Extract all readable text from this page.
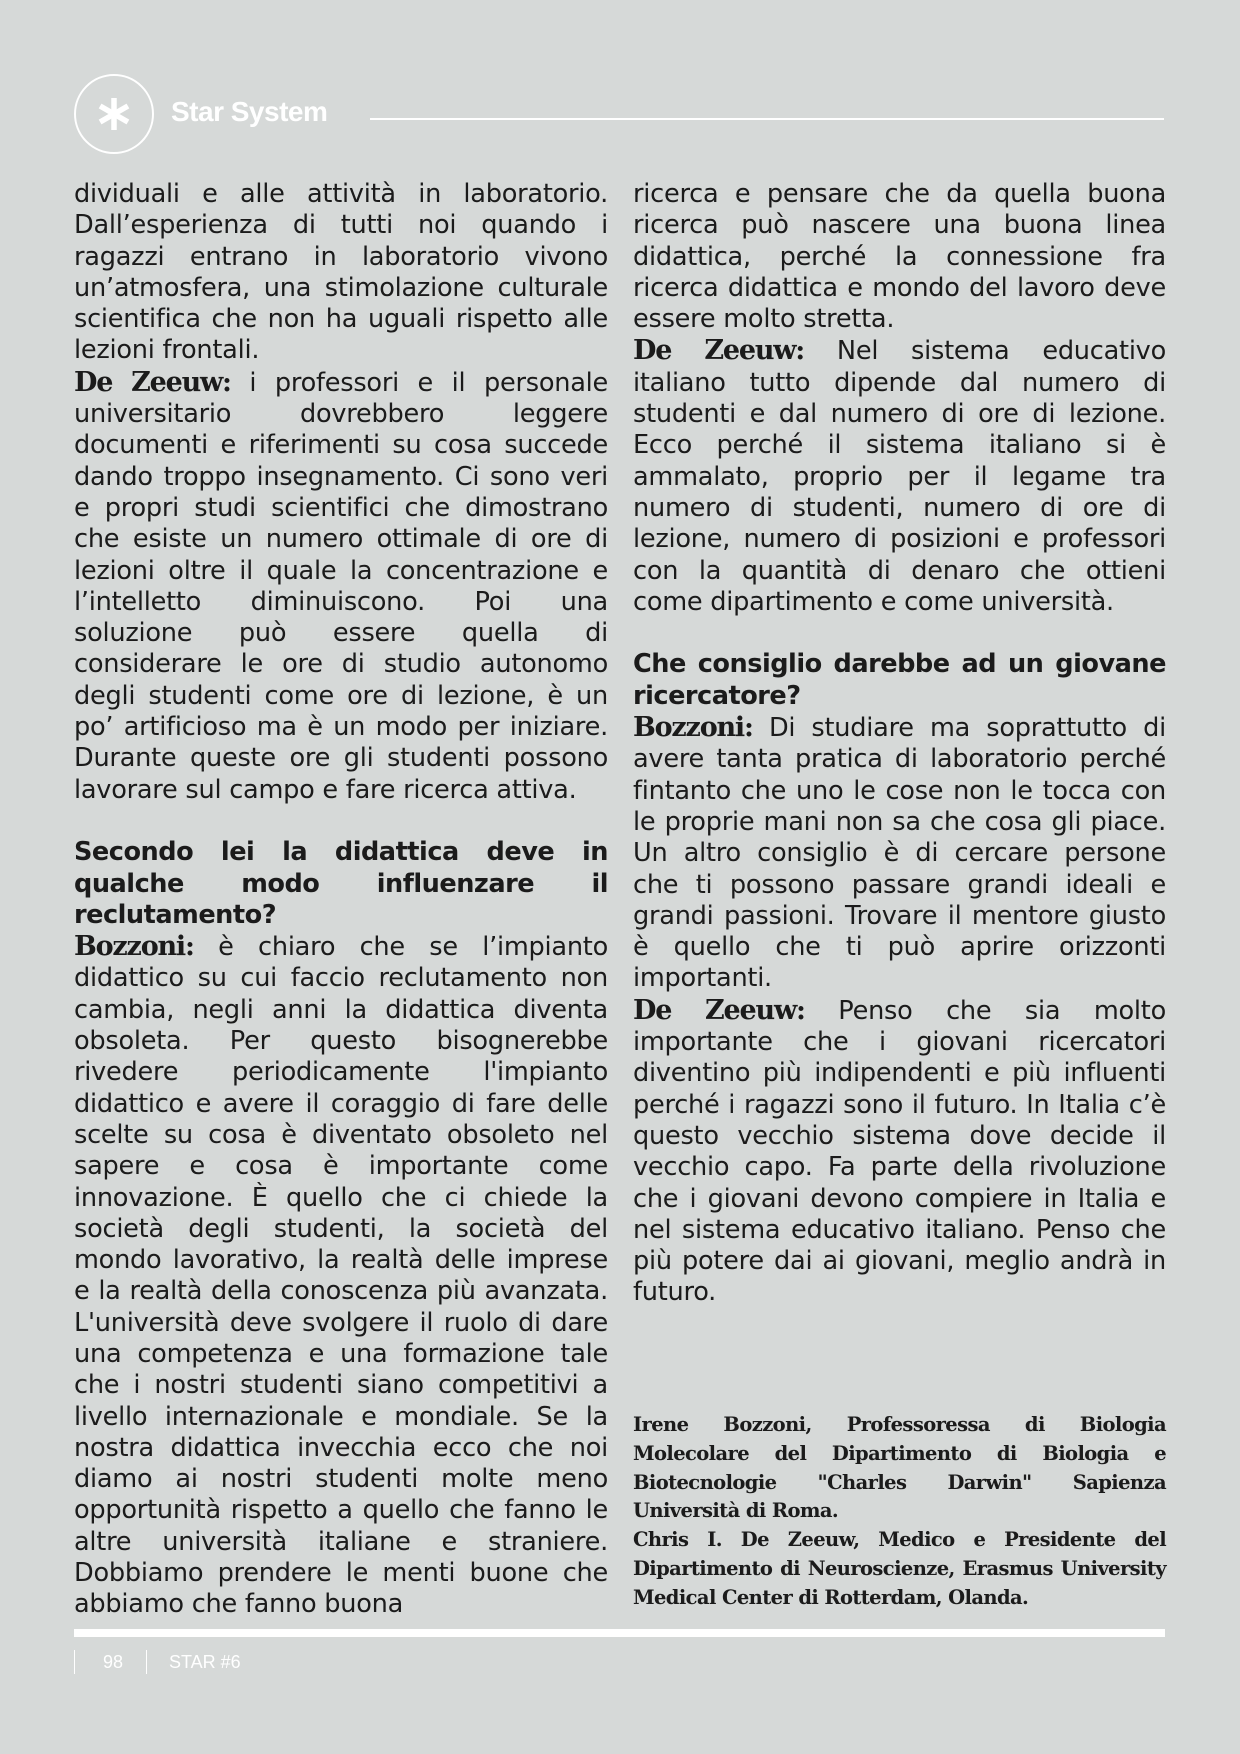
Star System

dividuali e alle attività in laboratorio. Dall’esperienza di tutti noi quando i ragazzi entrano in laboratorio vivono un’atmosfera, una stimolazione culturale scientifica che non ha uguali rispetto alle lezioni frontali.

De Zeeuw: i professori e il personale universitario dovrebbero leggere documenti e riferimenti su cosa succede dando troppo insegnamento. Ci sono veri e propri studi scientifici che dimostrano che esiste un numero ottimale di ore di lezioni oltre il quale la concentrazione e l’intelletto diminuiscono. Poi una soluzione può essere quella di considerare le ore di studio autonomo degli studenti come ore di lezione, è un po’ artificioso ma è un modo per iniziare. Durante queste ore gli studenti possono lavorare sul campo e fare ricerca attiva.

Secondo lei la didattica deve in qualche modo influenzare il reclutamento?

Bozzoni: è chiaro che se l’impianto didattico su cui faccio reclutamento non cambia, negli anni la didattica diventa obsoleta. Per questo bisognerebbe rivedere periodicamente l'impianto didattico e avere il coraggio di fare delle scelte su cosa è diventato obsoleto nel sapere e cosa è importante come innovazione. È quello che ci chiede la società degli studenti, la società del mondo lavorativo, la realtà delle imprese e la realtà della conoscenza più avanzata. L'università deve svolgere il ruolo di dare una competenza e una formazione tale che i nostri studenti siano competitivi a livello internazionale e mondiale. Se la nostra didattica invecchia ecco che noi diamo ai nostri studenti molte meno opportunità rispetto a quello che fanno le altre università italiane e straniere. Dobbiamo prendere le menti buone che abbiamo che fanno buona

ricerca e pensare che da quella buona ricerca può nascere una buona linea didattica, perché la connessione fra ricerca didattica e mondo del lavoro deve essere molto stretta.

De Zeeuw: Nel sistema educativo italiano tutto dipende dal numero di studenti e dal numero di ore di lezione. Ecco perché il sistema italiano si è ammalato, proprio per il legame tra numero di studenti, numero di ore di lezione, numero di posizioni e professori con la quantità di denaro che ottieni come dipartimento e come università.

Che consiglio darebbe ad un giovane ricercatore?

Bozzoni: Di studiare ma soprattutto di avere tanta pratica di laboratorio perché fintanto che uno le cose non le tocca con le proprie mani non sa che cosa gli piace. Un altro consiglio è di cercare persone che ti possono passare grandi ideali e grandi passioni. Trovare il mentore giusto è quello che ti può aprire orizzonti importanti.

De Zeeuw: Penso che sia molto importante che i giovani ricercatori diventino più indipendenti e più influenti perché i ragazzi sono il futuro. In Italia c’è questo vecchio sistema dove decide il vecchio capo. Fa parte della rivoluzione che i giovani devono compiere in Italia e nel sistema educativo italiano. Penso che più potere dai ai giovani, meglio andrà in futuro.

Irene Bozzoni, Professoressa di Biologia Molecolare del Dipartimento di Biologia e Biotecnologie "Charles Darwin" Sapienza Università di Roma.

Chris I. De Zeeuw, Medico e Presidente del Dipartimento di Neuroscienze, Erasmus University Medical Center di Rotterdam, Olanda.

98	STAR #6
